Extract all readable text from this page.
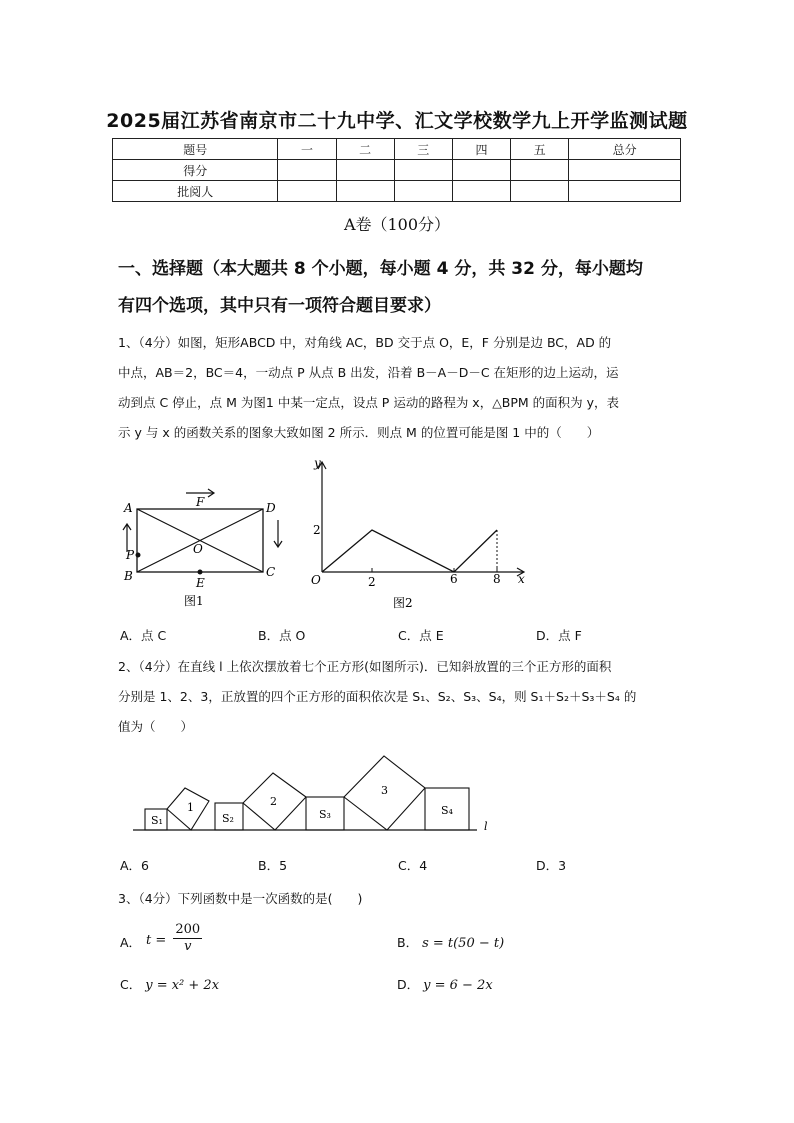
2025届江苏省南京市二十九中学、汇文学校数学九上开学监测试题
题号	一	二	三	四	五	总分
得分						
批阅人						
A卷（100分）
一、选择题（本大题共 8 个小题，每小题 4 分，共 32 分，每小题均
有四个选项，其中只有一项符合题目要求）
1、（4分）如图，矩形ABCD 中，对角线 AC，BD 交于点 O，E，F 分别是边 BC，AD 的
中点，AB＝2，BC＝4，一动点 P 从点 B 出发，沿着 B－A－D－C 在矩形的边上运动，运
动到点 C 停止，点 M 为图1 中某一定点，设点 P 运动的路程为 x，△BPM 的面积为 y，表
示 y 与 x 的函数关系的图象大致如图 2 所示．则点 M 的位置可能是图 1 中的（　　）
A	D
B	C
O
E
F
P
图1
y
x
O
2
2	6	8
图2
A．点 C	B．点 O	C．点 E	D．点 F
2、（4分）在直线 l 上依次摆放着七个正方形(如图所示)．已知斜放置的三个正方形的面积
分别是 1、2、3，正放置的四个正方形的面积依次是 S₁、S₂、S₃、S₄，则 S₁＋S₂＋S₃＋S₄ 的
值为（　　）
S₁
1
S₂
2
S₃
3
S₄
l
A．6	B．5	C．4	D．3
3、（4分）下列函数中是一次函数的是(　　)
A． $t = \frac{200}{v}$	B． s = t(50 − t)
C． y = x² + 2x	D． y = 6 − 2x
